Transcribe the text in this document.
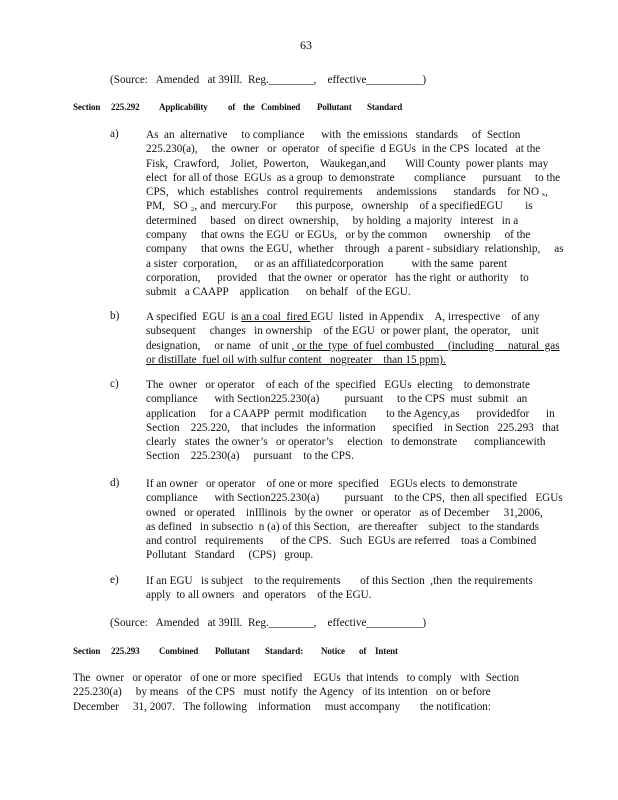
63
(Source:   Amended   at 39Ill.  Reg.________,    effective__________)
Section 225.292 Applicability of the Combined Pollutant Standard
a) As  an  alternative     to compliance      with  the emissions   standards     of  Section
225.230(a),     the  owner   or  operator   of specifie  d EGUs  in the CPS  located   at the
Fisk,  Crawford,    Joliet,  Powerton,    Waukegan,and       Will County  power plants  may
elect  for all of those  EGUs  as a group  to demonstrate       compliance      pursuant     to the
CPS,   which  establishes   control  requirements     andemissions      standards    for NO ₓ,
PM,   SO ₂, and  mercury.For       this purpose,   ownership    of a specifiedEGU        is
determined     based   on direct  ownership,     by holding  a majority   interest   in a
company     that owns  the EGU  or EGUs,   or by the common      ownership     of the
company     that owns  the EGU,  whether    through   a parent - subsidiary  relationship,     as
a sister  corporation,      or as an affiliatedcorporation          with the same  parent
corporation,      provided    that the owner  or operator   has the right  or authority    to
submit   a CAAPP    application      on behalf   of the EGU.
b) A specified  EGU  is an a coal  fired EGU  listed  in Appendix    A, irrespective    of any
subsequent     changes   in ownership    of the EGU  or power plant,  the operator,    unit
designation,     or name   of unit , or the  type  of fuel combusted     (including     natural  gas
or distillate  fuel oil with sulfur content   nogreater    than 15 ppm).
c) The  owner   or operator    of each  of the  specified   EGUs  electing    to demonstrate
compliance      with Section225.230(a)         pursuant     to the CPS  must  submit   an
application     for a CAAPP  permit  modification       to the Agency,as      providedfor      in
Section    225.220,    that includes   the information      specified    in Section   225.293   that
clearly   states  the owner’s   or operator’s     election   to demonstrate      compliancewith
Section    225.230(a)     pursuant    to the CPS.
d) If an owner   or operator    of one or more  specified    EGUs elects  to demonstrate
compliance      with Section225.230(a)         pursuant    to the CPS,  then all specified   EGUs
owned   or operated    inIllinois   by the owner   or operator   as of December     31,2006,
as defined   in subsectio  n (a) of this Section,   are thereafter    subject   to the standards
and control   requirements      of the CPS.   Such  EGUs are referred    toas a Combined
Pollutant   Standard     (CPS)   group.
e) If an EGU   is subject    to the requirements       of this Section  ,then  the requirements
apply  to all owners   and  operators    of the EGU.
(Source:   Amended   at 39Ill.  Reg.________,    effective__________)
Section 225.293 Combined Pollutant Standard: Notice of Intent
The  owner   or operator   of one or more  specified    EGUs  that intends   to comply   with  Section
225.230(a)     by means   of the CPS   must  notify  the Agency   of its intention   on or before
December     31, 2007.   The following    information     must accompany       the notification:
